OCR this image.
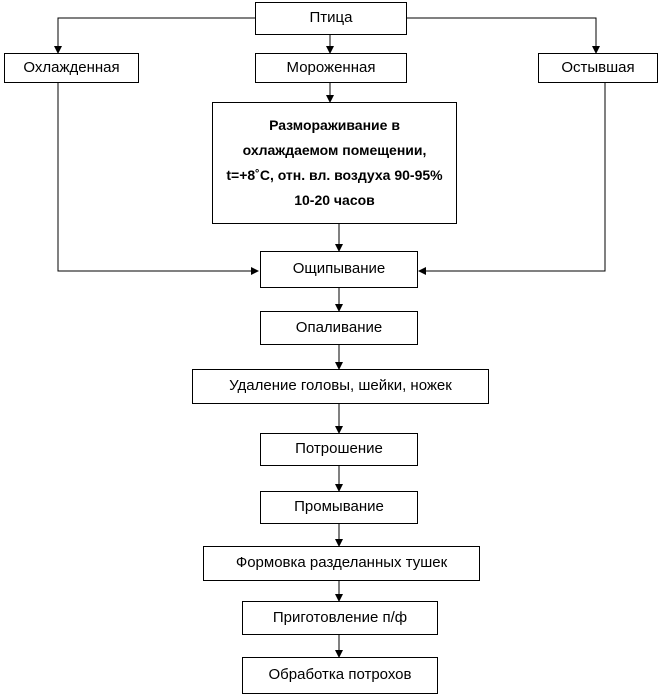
Птица
Охлажденная	Мороженная	Остывшая
Размораживание в охлаждаемом помещении, t=+8˚С, отн. вл. воздуха 90-95% 10-20 часов
Ощипывание
Опаливание
Удаление головы, шейки, ножек
Потрошение
Промывание
Формовка разделанных тушек
Приготовление п/ф
Обработка потрохов
